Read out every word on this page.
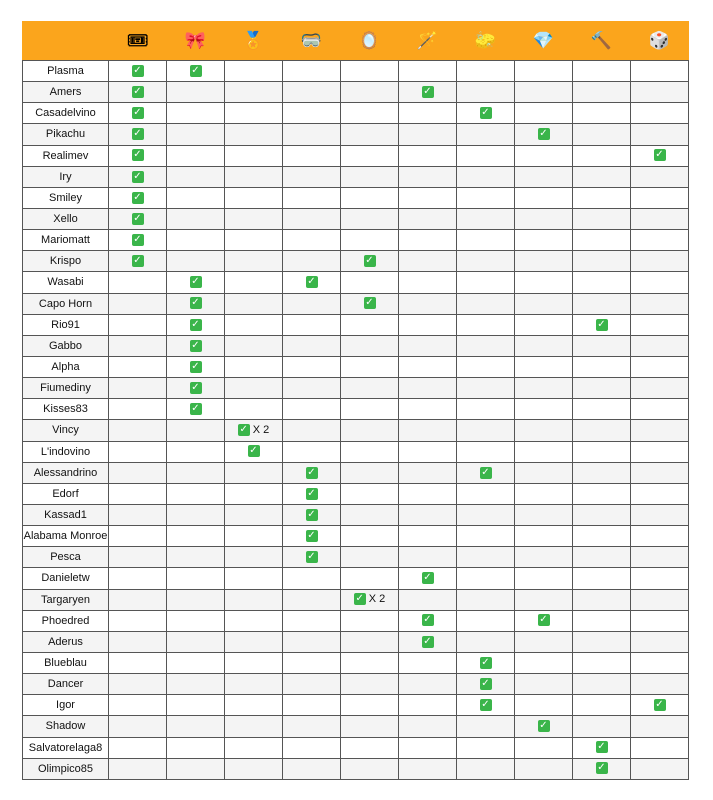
	🎟	🎀	🏅	🥽	🪞	🪄	🧽	💎	🔨	🎲
Plasma	✓	✓								
Amers	✓					✓				
Casadelvino	✓						✓			
Pikachu	✓							✓		
Realimev	✓									✓
Iry	✓									
Smiley	✓									
Xello	✓									
Mariomatt	✓									
Krispo	✓				✓					
Wasabi		✓		✓						
Capo Horn		✓			✓					
Rio91		✓							✓	
Gabbo		✓								
Alpha		✓								
Fiumediny		✓								
Kisses83		✓								
Vincy			✓ X 2							
L'indovino			✓							
Alessandrino				✓			✓			
Edorf				✓						
Kassad1				✓						
Alabama Monroe				✓						
Pesca				✓						
Danieletw						✓				
Targaryen					✓ X 2					
Phoedred						✓		✓		
Aderus						✓				
Blueblau							✓			
Dancer							✓			
Igor							✓			✓
Shadow								✓		
Salvatorelaga8									✓	
Olimpico85									✓	
